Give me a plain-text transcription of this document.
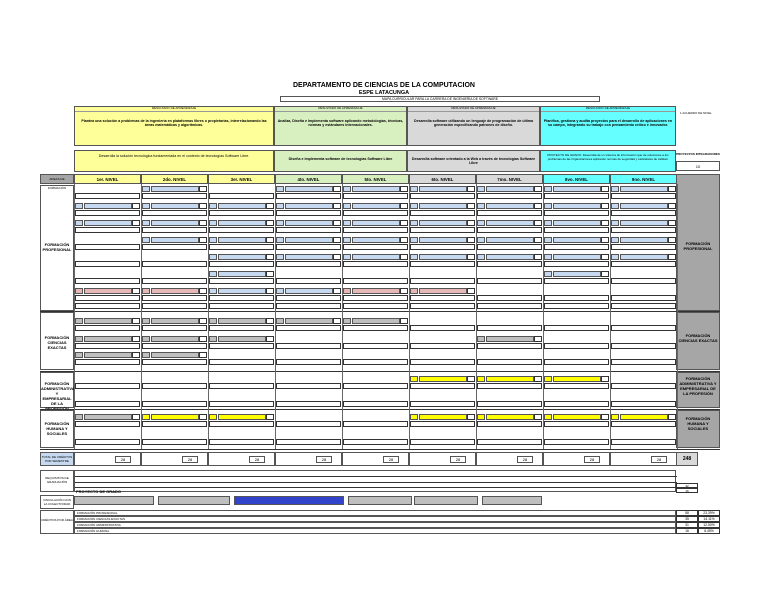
DEPARTAMENTO DE CIENCIAS DE LA COMPUTACION
ESPE LATACUNGA
MAPA CURRICULAR PARA LA CARRERA DE INGENIERÍA DE SOFTWARE
RESULTADO DE APRENDIZAJE

Plantea una solución a problemas de la ingeniería en plataformas libres o propietarias, interrelacionando las áreas matemáticas y algorítmicas.
RESULTADO DE APRENDIZAJE

Analiza, Diseña e Implementa software aplicando metodologías, técnicas, normas y estándares internacionales.
RESULTADO DE APRENDIZAJE

Desarrolla software utilizando un lenguaje de programación de última generación especificando patrones de diseño.
RESULTADO DE APRENDIZAJE

Planifica, gestiona y audita proyectos para el desarrollo de aplicaciones en su campo, integrando su trabajo con pensamiento crítico e innovador.
1 ACUERDO DE NIVEL
Desarrolla la solución tecnológica fundamentada en el contexto de tecnologías Software Libre.
Diseña e implementa software de tecnologías Software Libre	Desarrolla software orientado a la Web a través de tecnologías Software Libre
PROYECTO DE GRADO: Desarrolla de un sistema de información que de soluciones a los problemas de las Organizaciones aplicando normas de seguridad y estándares de calidad.
PROYECTOS INTEGRADORES
10
AREAS DE FORMACIÓN
1er. NIVEL	2do. NIVEL	3er. NIVEL	4to. NIVEL	5to. NIVEL	6to. NIVEL	7mo. NIVEL	8vo. NIVEL	9no. NIVEL
FORMACIÓN PROFESIONAL
FORMACIÓN CIENCIAS EXACTAS
FORMACIÓN ADMINISTRATIVA Y EMPRESARIAL DE LA PROFESIÓN
FORMACIÓN HUMANA Y SOCIALES
FORMACIÓN PROFESIONAL
FORMACIÓN CIENCIAS EXACTAS
FORMACIÓN ADMINISTRATIVA Y EMPRESARIAL DE LA PROFESIÓN
FORMACIÓN HUMANA Y SOCIALES
TOTAL DE CRÉDITOS POR SEMESTRE	28	28	28	28	28	28	28	28	28	248
REQUISITOS DE GRADUACIÓN
32
16
PROYECTO DE GRADO
VINCULACIÓN CON LA COLECTIVIDAD
CRÉDITOS POR ÁREA
FORMACIÓN PROFESIONAL	58	23.39%
FORMACIÓN CIENCIAS EXACTAS	35	14.11%
FORMACIÓN ADMINISTRATIVA	31	12.50%
FORMACIÓN HUMANA	16	6.45%
